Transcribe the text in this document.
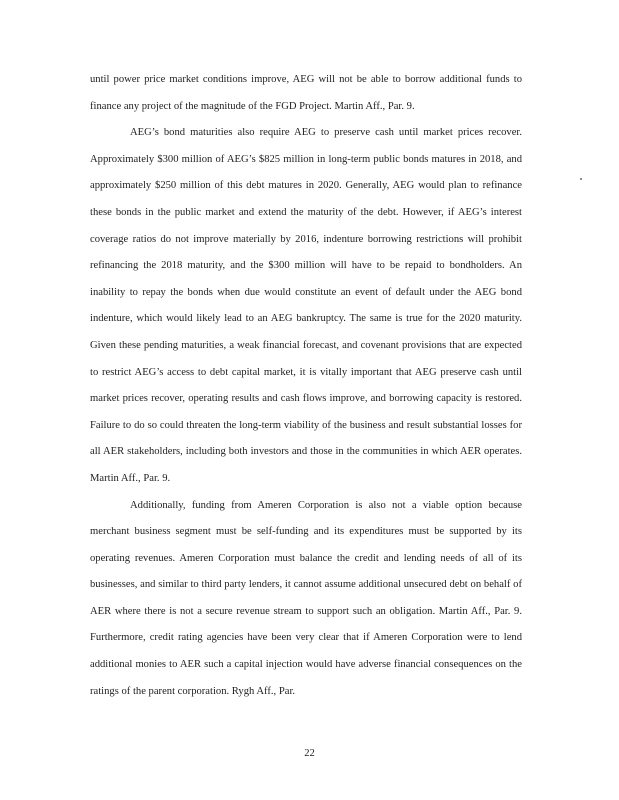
until power price market conditions improve, AEG will not be able to borrow additional funds to finance any project of the magnitude of the FGD Project. Martin Aff., Par. 9.

AEG’s bond maturities also require AEG to preserve cash until market prices recover. Approximately $300 million of AEG’s $825 million in long-term public bonds matures in 2018, and approximately $250 million of this debt matures in 2020. Generally, AEG would plan to refinance these bonds in the public market and extend the maturity of the debt. However, if AEG’s interest coverage ratios do not improve materially by 2016, indenture borrowing restrictions will prohibit refinancing the 2018 maturity, and the $300 million will have to be repaid to bondholders. An inability to repay the bonds when due would constitute an event of default under the AEG bond indenture, which would likely lead to an AEG bankruptcy. The same is true for the 2020 maturity. Given these pending maturities, a weak financial forecast, and covenant provisions that are expected to restrict AEG’s access to debt capital market, it is vitally important that AEG preserve cash until market prices recover, operating results and cash flows improve, and borrowing capacity is restored. Failure to do so could threaten the long-term viability of the business and result substantial losses for all AER stakeholders, including both investors and those in the communities in which AER operates. Martin Aff., Par. 9.

Additionally, funding from Ameren Corporation is also not a viable option because merchant business segment must be self-funding and its expenditures must be supported by its operating revenues. Ameren Corporation must balance the credit and lending needs of all of its businesses, and similar to third party lenders, it cannot assume additional unsecured debt on behalf of AER where there is not a secure revenue stream to support such an obligation. Martin Aff., Par. 9. Furthermore, credit rating agencies have been very clear that if Ameren Corporation were to lend additional monies to AER such a capital injection would have adverse financial consequences on the ratings of the parent corporation. Rygh Aff., Par.

22
